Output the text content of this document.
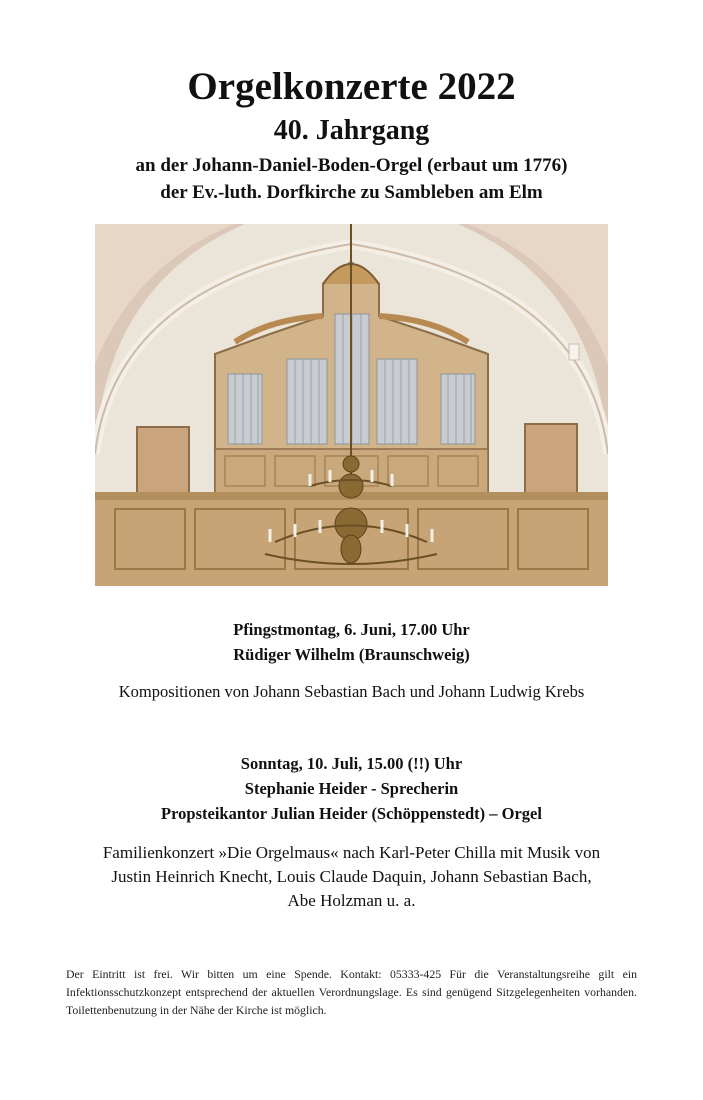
Orgelkonzerte 2022
40. Jahrgang
an der Johann-Daniel-Boden-Orgel (erbaut um 1776)
der Ev.-luth. Dorfkirche zu Sambleben am Elm
Pfingstmontag, 6. Juni, 17.00 Uhr
Rüdiger Wilhelm (Braunschweig)
Kompositionen von Johann Sebastian Bach und Johann Ludwig Krebs
Sonntag, 10. Juli, 15.00 (!!) Uhr
Stephanie Heider - Sprecherin
Propsteikantor Julian Heider (Schöppenstedt) – Orgel
Familienkonzert »Die Orgelmaus« nach Karl-Peter Chilla mit Musik von
Justin Heinrich Knecht, Louis Claude Daquin, Johann Sebastian Bach,
Abe Holzman u. a.
Der Eintritt ist frei. Wir bitten um eine Spende. Kontakt: 05333-425 Für die Veranstaltungsreihe gilt ein Infektionsschutzkonzept entsprechend der aktuellen Verordnungslage. Es sind genügend Sitzgelegenheiten vorhanden. Toilettenbenutzung in der Nähe der Kirche ist möglich.
